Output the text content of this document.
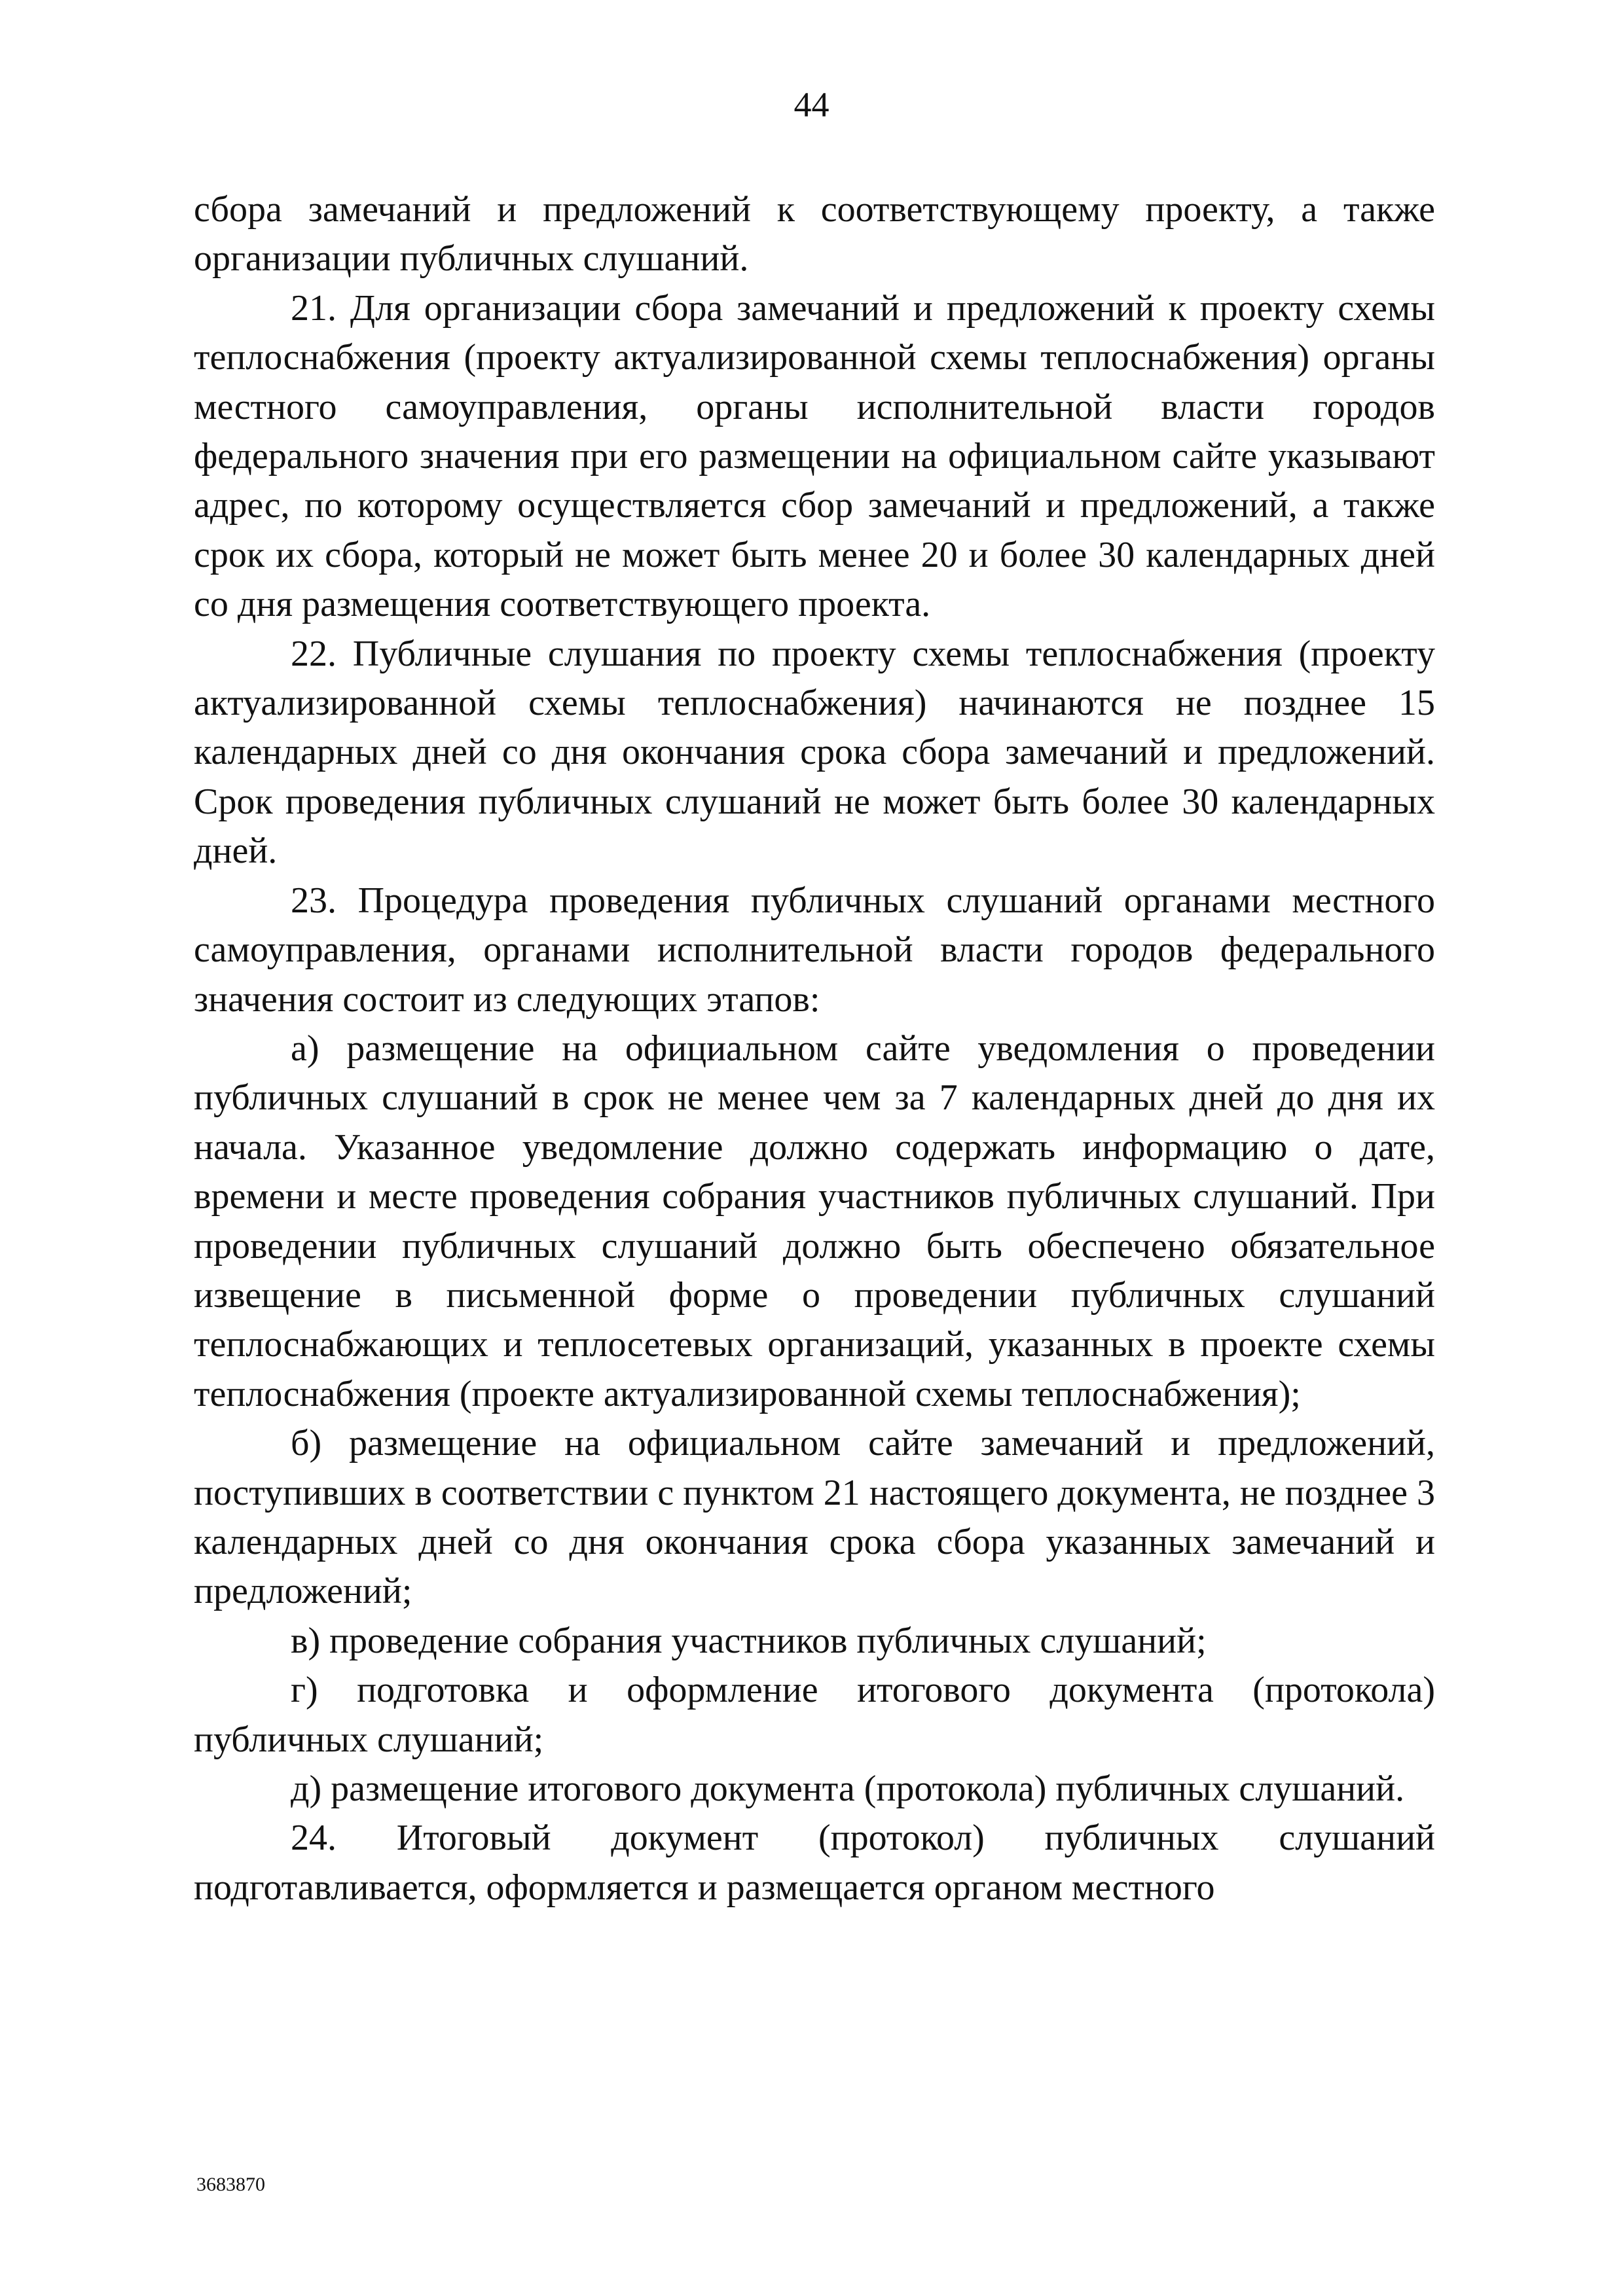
44

сбора замечаний и предложений к соответствующему проекту, а также организации публичных слушаний.

21. Для организации сбора замечаний и предложений к проекту схемы теплоснабжения (проекту актуализированной схемы теплоснабжения) органы местного самоуправления, органы исполнительной власти городов федерального значения при его размещении на официальном сайте указывают адрес, по которому осуществляется сбор замечаний и предложений, а также срок их сбора, который не может быть менее 20 и более 30 календарных дней со дня размещения соответствующего проекта.

22. Публичные слушания по проекту схемы теплоснабжения (проекту актуализированной схемы теплоснабжения) начинаются не позднее 15 календарных дней со дня окончания срока сбора замечаний и предложений. Срок проведения публичных слушаний не может быть более 30 календарных дней.

23. Процедура проведения публичных слушаний органами местного самоуправления, органами исполнительной власти городов федерального значения состоит из следующих этапов:

а) размещение на официальном сайте уведомления о проведении публичных слушаний в срок не менее чем за 7 календарных дней до дня их начала. Указанное уведомление должно содержать информацию о дате, времени и месте проведения собрания участников публичных слушаний. При проведении публичных слушаний должно быть обеспечено обязательное извещение в письменной форме о проведении публичных слушаний теплоснабжающих и теплосетевых организаций, указанных в проекте схемы теплоснабжения (проекте актуализированной схемы теплоснабжения);

б) размещение на официальном сайте замечаний и предложений, поступивших в соответствии с пунктом 21 настоящего документа, не позднее 3 календарных дней со дня окончания срока сбора указанных замечаний и предложений;

в) проведение собрания участников публичных слушаний;

г) подготовка и оформление итогового документа (протокола) публичных слушаний;

д) размещение итогового документа (протокола) публичных слушаний.

24. Итоговый документ (протокол) публичных слушаний подготавливается, оформляется и размещается органом местного

3683870
